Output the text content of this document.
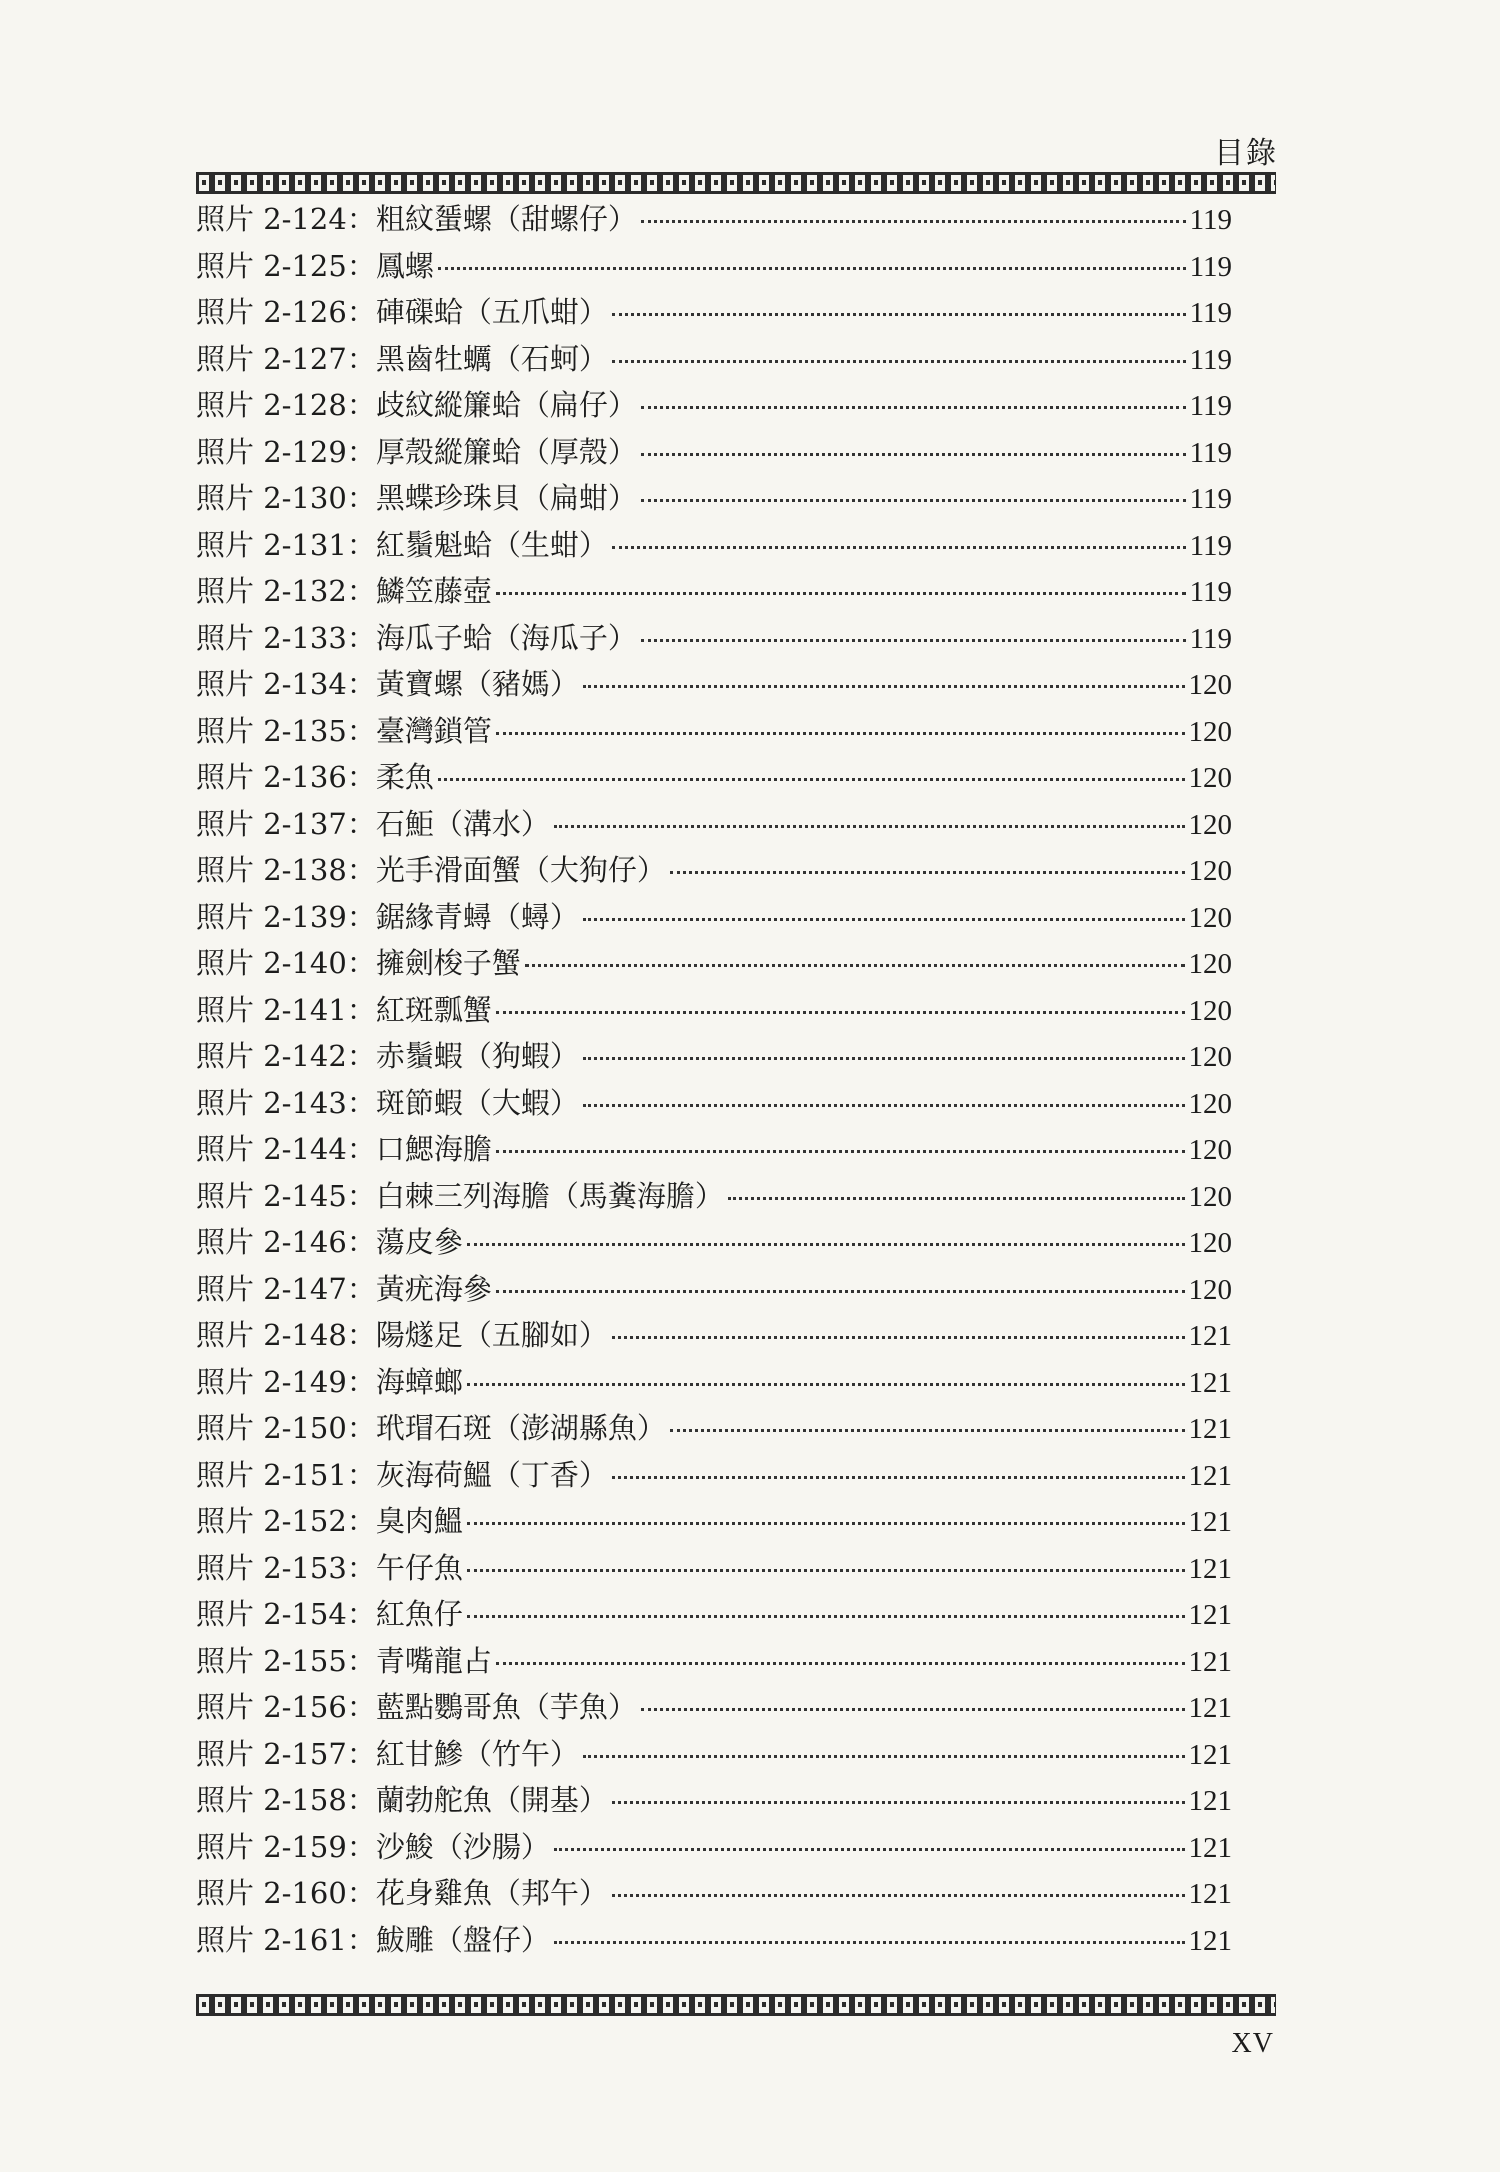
目錄
照片 2-124：粗紋蜑螺（甜螺仔）	119
照片 2-125：鳳螺	119
照片 2-126：硨磲蛤（五爪蚶）	119
照片 2-127：黑齒牡蠣（石蚵）	119
照片 2-128：歧紋縱簾蛤（扁仔）	119
照片 2-129：厚殼縱簾蛤（厚殼）	119
照片 2-130：黑蝶珍珠貝（扁蚶）	119
照片 2-131：紅鬚魁蛤（生蚶）	119
照片 2-132：鱗笠藤壺	119
照片 2-133：海瓜子蛤（海瓜子）	119
照片 2-134：黃寶螺（豬媽）	120
照片 2-135：臺灣鎖管	120
照片 2-136：柔魚	120
照片 2-137：石鮔（溝水）	120
照片 2-138：光手滑面蟹（大狗仔）	120
照片 2-139：鋸緣青蟳（蟳）	120
照片 2-140：擁劍梭子蟹	120
照片 2-141：紅斑瓢蟹	120
照片 2-142：赤鬚蝦（狗蝦）	120
照片 2-143：斑節蝦（大蝦）	120
照片 2-144：口鰓海膽	120
照片 2-145：白棘三列海膽（馬糞海膽）	120
照片 2-146：蕩皮參	120
照片 2-147：黃疣海參	120
照片 2-148：陽燧足（五腳如）	121
照片 2-149：海蟑螂	121
照片 2-150：玳瑁石斑（澎湖縣魚）	121
照片 2-151：灰海荷鰮（丁香）	121
照片 2-152：臭肉鰮	121
照片 2-153：午仔魚	121
照片 2-154：紅魚仔	121
照片 2-155：青嘴龍占	121
照片 2-156：藍點鸚哥魚（芋魚）	121
照片 2-157：紅甘鰺（竹午）	121
照片 2-158：蘭勃舵魚（開基）	121
照片 2-159：沙鮻（沙腸）	121
照片 2-160：花身雞魚（邦午）	121
照片 2-161：鮁雕（盤仔）	121
XV
